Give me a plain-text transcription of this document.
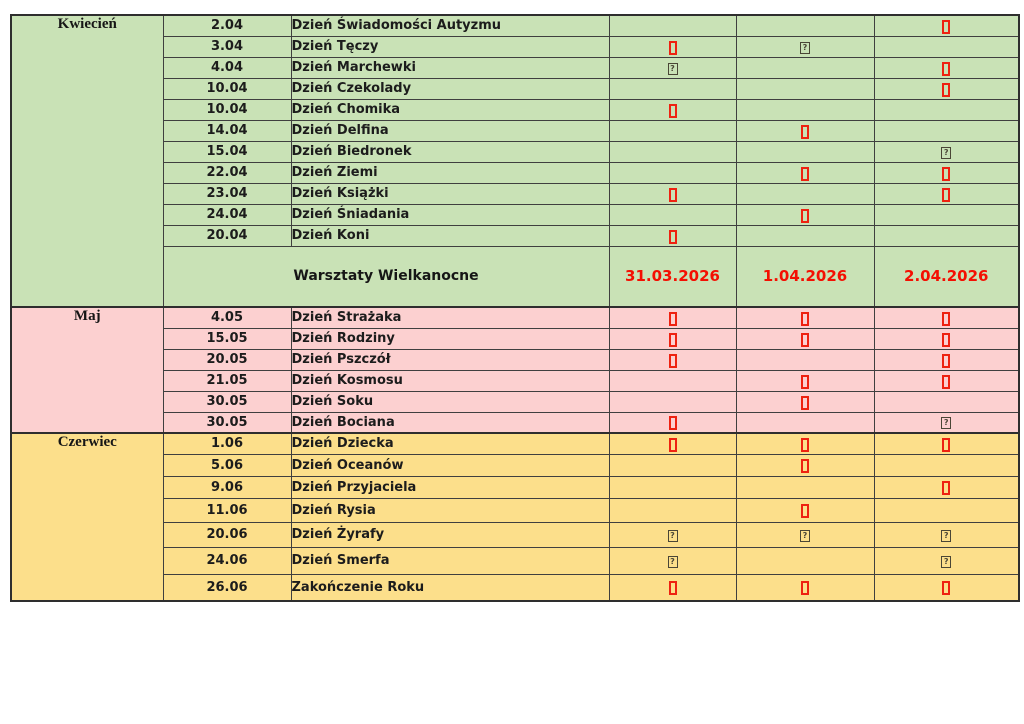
Kwiecień	2.04	Dzień Świadomości Autyzmu			
	3.04	Dzień Tęczy		?	
	4.04	Dzień Marchewki	?		
	10.04	Dzień Czekolady			
	10.04	Dzień Chomika			
	14.04	Dzień Delfina			
	15.04	Dzień Biedronek			?
	22.04	Dzień Ziemi			
	23.04	Dzień Książki			
	24.04	Dzień Śniadania			
	20.04	Dzień Koni			
	Warsztaty Wielkanocne		31.03.2026	1.04.2026	2.04.2026
Maj	4.05	Dzień Strażaka			
	15.05	Dzień Rodziny			
	20.05	Dzień Pszczół			
	21.05	Dzień Kosmosu			
	30.05	Dzień Soku			
	30.05	Dzień Bociana			?
Czerwiec	1.06	Dzień Dziecka			
	5.06	Dzień Oceanów			
	9.06	Dzień Przyjaciela			
	11.06	Dzień Rysia			
	20.06	Dzień Żyrafy	?	?	?
	24.06	Dzień Smerfa	?		?
	26.06	Zakończenie Roku			
